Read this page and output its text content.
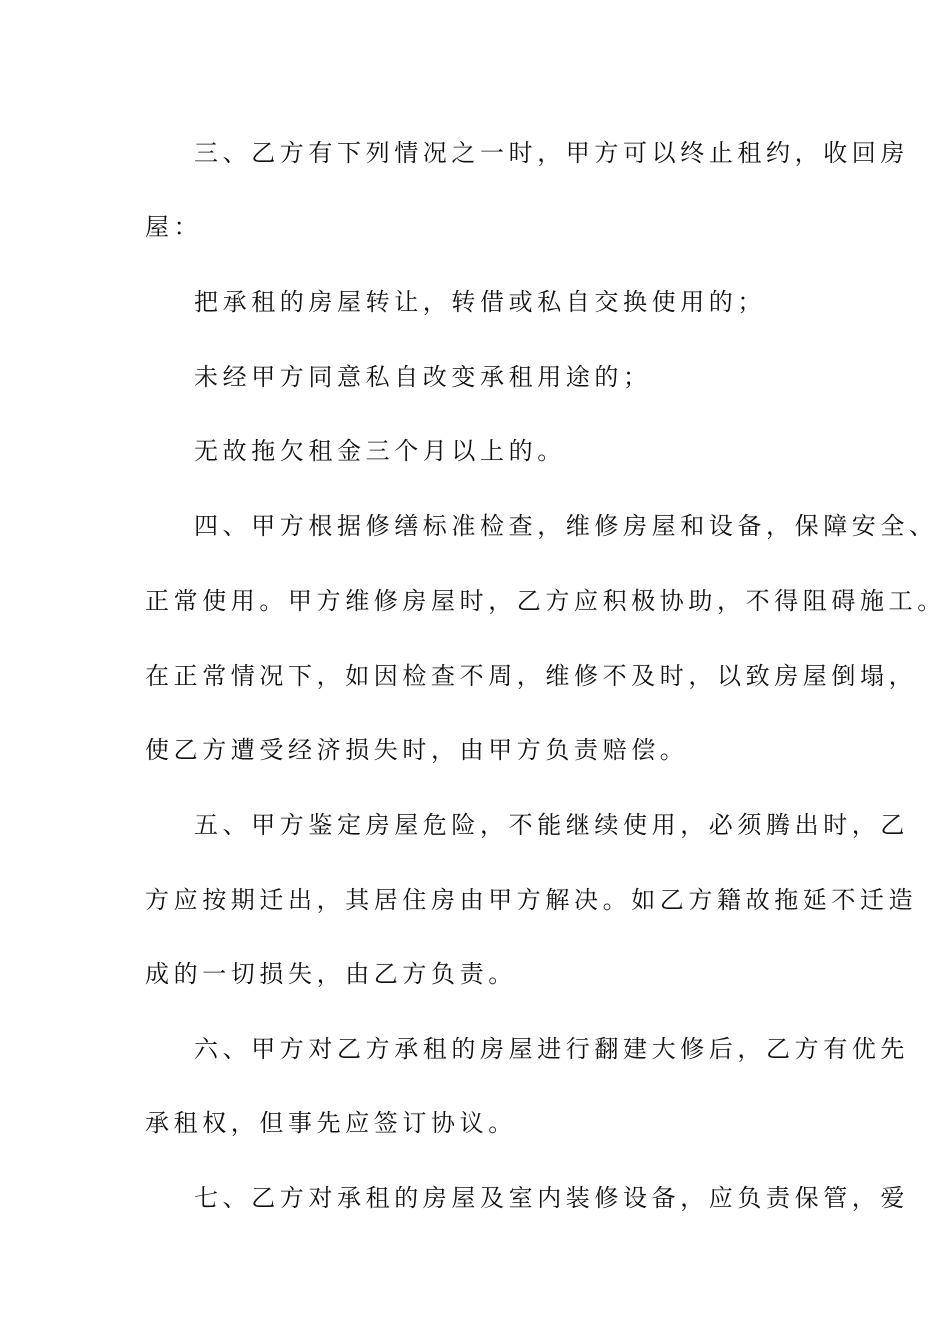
三、乙方有下列情况之一时，甲方可以终止租约，收回房
屋：
把承租的房屋转让，转借或私自交换使用的；
未经甲方同意私自改变承租用途的；
无故拖欠租金三个月以上的。
四、甲方根据修缮标准检查，维修房屋和设备，保障安全、
正常使用。甲方维修房屋时，乙方应积极协助，不得阻碍施工。
在正常情况下，如因检查不周，维修不及时，以致房屋倒塌，
使乙方遭受经济损失时，由甲方负责赔偿。
五、甲方鉴定房屋危险，不能继续使用，必须腾出时，乙
方应按期迁出，其居住房由甲方解决。如乙方籍故拖延不迁造
成的一切损失，由乙方负责。
六、甲方对乙方承租的房屋进行翻建大修后，乙方有优先
承租权，但事先应签订协议。
七、乙方对承租的房屋及室内装修设备，应负责保管，爱
